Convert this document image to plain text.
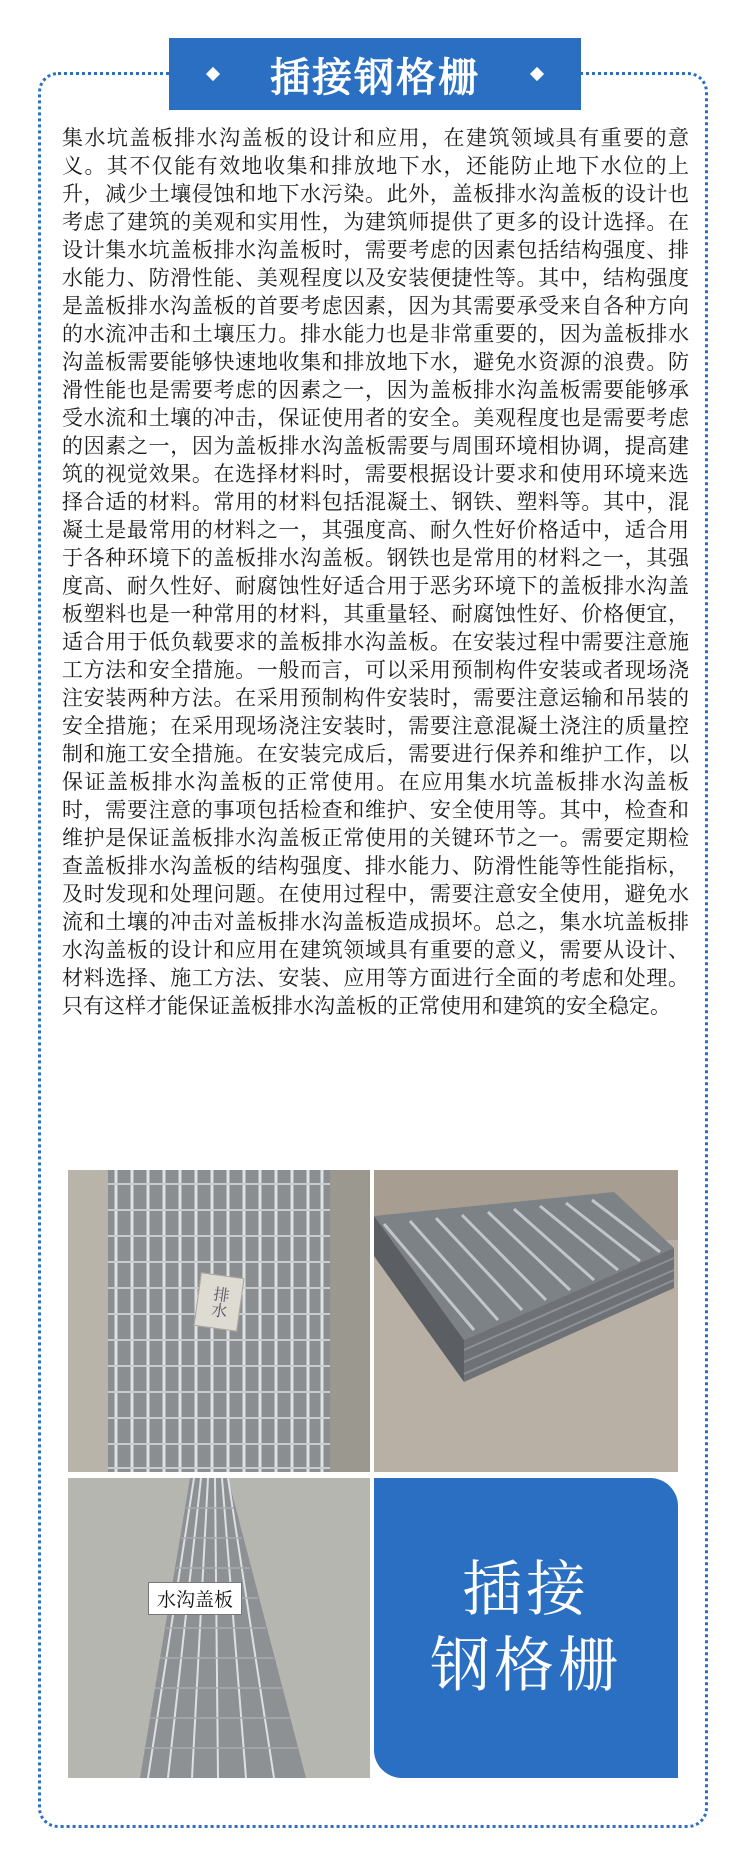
插接钢格栅
集水坑盖板排水沟盖板的设计和应用，在建筑领域具有重要的意义。其不仅能有效地收集和排放地下水，还能防止地下水位的上升，减少土壤侵蚀和地下水污染。此外，盖板排水沟盖板的设计也考虑了建筑的美观和实用性，为建筑师提供了更多的设计选择。在设计集水坑盖板排水沟盖板时，需要考虑的因素包括结构强度、排水能力、防滑性能、美观程度以及安装便捷性等。其中，结构强度是盖板排水沟盖板的首要考虑因素，因为其需要承受来自各种方向的水流冲击和土壤压力。排水能力也是非常重要的，因为盖板排水沟盖板需要能够快速地收集和排放地下水，避免水资源的浪费。防滑性能也是需要考虑的因素之一，因为盖板排水沟盖板需要能够承受水流和土壤的冲击，保证使用者的安全。美观程度也是需要考虑的因素之一，因为盖板排水沟盖板需要与周围环境相协调，提高建筑的视觉效果。在选择材料时，需要根据设计要求和使用环境来选择合适的材料。常用的材料包括混凝土、钢铁、塑料等。其中，混凝土是最常用的材料之一，其强度高、耐久性好价格适中，适合用于各种环境下的盖板排水沟盖板。钢铁也是常用的材料之一，其强度高、耐久性好、耐腐蚀性好适合用于恶劣环境下的盖板排水沟盖板塑料也是一种常用的材料，其重量轻、耐腐蚀性好、价格便宜，适合用于低负载要求的盖板排水沟盖板。在安装过程中需要注意施工方法和安全措施。一般而言，可以采用预制构件安装或者现场浇注安装两种方法。在采用预制构件安装时，需要注意运输和吊装的安全措施；在采用现场浇注安装时，需要注意混凝土浇注的质量控制和施工安全措施。在安装完成后，需要进行保养和维护工作，以保证盖板排水沟盖板的正常使用。在应用集水坑盖板排水沟盖板时，需要注意的事项包括检查和维护、安全使用等。其中，检查和维护是保证盖板排水沟盖板正常使用的关键环节之一。需要定期检查盖板排水沟盖板的结构强度、排水能力、防滑性能等性能指标，及时发现和处理问题。在使用过程中，需要注意安全使用，避免水流和土壤的冲击对盖板排水沟盖板造成损坏。总之，集水坑盖板排水沟盖板的设计和应用在建筑领域具有重要的意义，需要从设计、材料选择、施工方法、安装、应用等方面进行全面的考虑和处理。只有这样才能保证盖板排水沟盖板的正常使用和建筑的安全稳定。
排水
水沟盖板	插接
钢格栅
